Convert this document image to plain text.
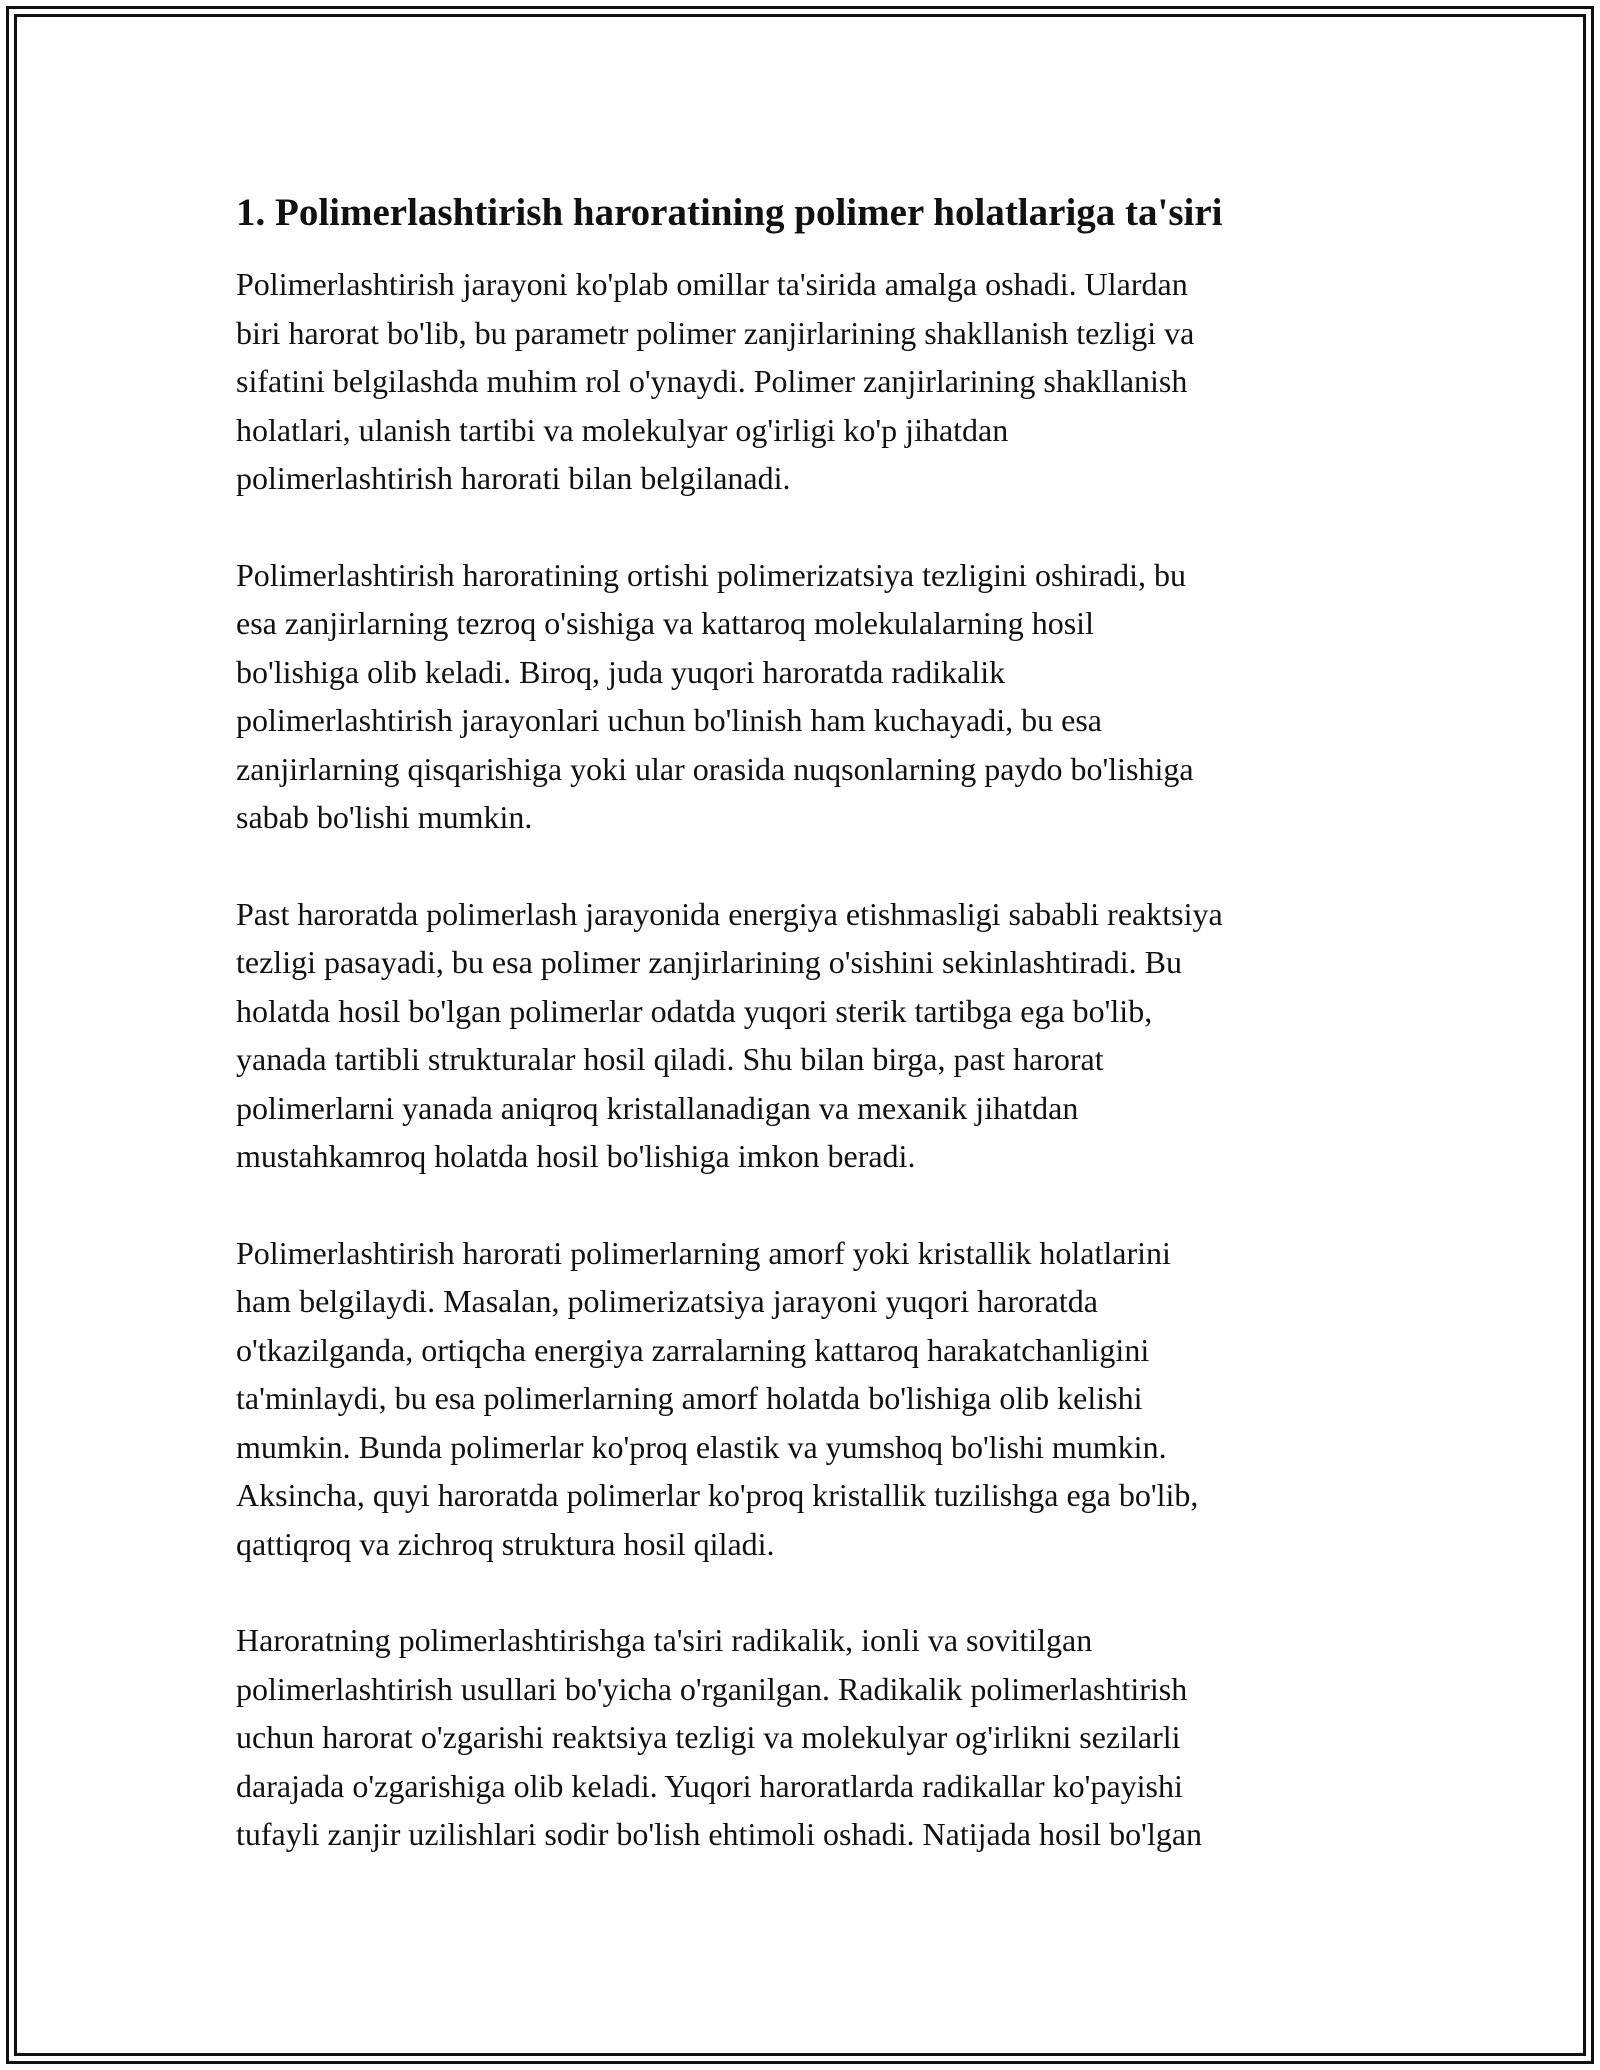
1. Polimerlashtirish haroratining polimer holatlariga ta'siri

Polimerlashtirish jarayoni ko'plab omillar ta'sirida amalga oshadi. Ulardan
biri harorat bo'lib, bu parametr polimer zanjirlarining shakllanish tezligi va
sifatini belgilashda muhim rol o'ynaydi. Polimer zanjirlarining shakllanish
holatlari, ulanish tartibi va molekulyar og'irligi ko'p jihatdan
polimerlashtirish harorati bilan belgilanadi.

Polimerlashtirish haroratining ortishi polimerizatsiya tezligini oshiradi, bu
esa zanjirlarning tezroq o'sishiga va kattaroq molekulalarning hosil
bo'lishiga olib keladi. Biroq, juda yuqori haroratda radikalik
polimerlashtirish jarayonlari uchun bo'linish ham kuchayadi, bu esa
zanjirlarning qisqarishiga yoki ular orasida nuqsonlarning paydo bo'lishiga
sabab bo'lishi mumkin.

Past haroratda polimerlash jarayonida energiya etishmasligi sababli reaktsiya
tezligi pasayadi, bu esa polimer zanjirlarining o'sishini sekinlashtiradi. Bu
holatda hosil bo'lgan polimerlar odatda yuqori sterik tartibga ega bo'lib,
yanada tartibli strukturalar hosil qiladi. Shu bilan birga, past harorat
polimerlarni yanada aniqroq kristallanadigan va mexanik jihatdan
mustahkamroq holatda hosil bo'lishiga imkon beradi.

Polimerlashtirish harorati polimerlarning amorf yoki kristallik holatlarini
ham belgilaydi. Masalan, polimerizatsiya jarayoni yuqori haroratda
o'tkazilganda, ortiqcha energiya zarralarning kattaroq harakatchanligini
ta'minlaydi, bu esa polimerlarning amorf holatda bo'lishiga olib kelishi
mumkin. Bunda polimerlar ko'proq elastik va yumshoq bo'lishi mumkin.
Aksincha, quyi haroratda polimerlar ko'proq kristallik tuzilishga ega bo'lib,
qattiqroq va zichroq struktura hosil qiladi.

Haroratning polimerlashtirishga ta'siri radikalik, ionli va sovitilgan
polimerlashtirish usullari bo'yicha o'rganilgan. Radikalik polimerlashtirish
uchun harorat o'zgarishi reaktsiya tezligi va molekulyar og'irlikni sezilarli
darajada o'zgarishiga olib keladi. Yuqori haroratlarda radikallar ko'payishi
tufayli zanjir uzilishlari sodir bo'lish ehtimoli oshadi. Natijada hosil bo'lgan
